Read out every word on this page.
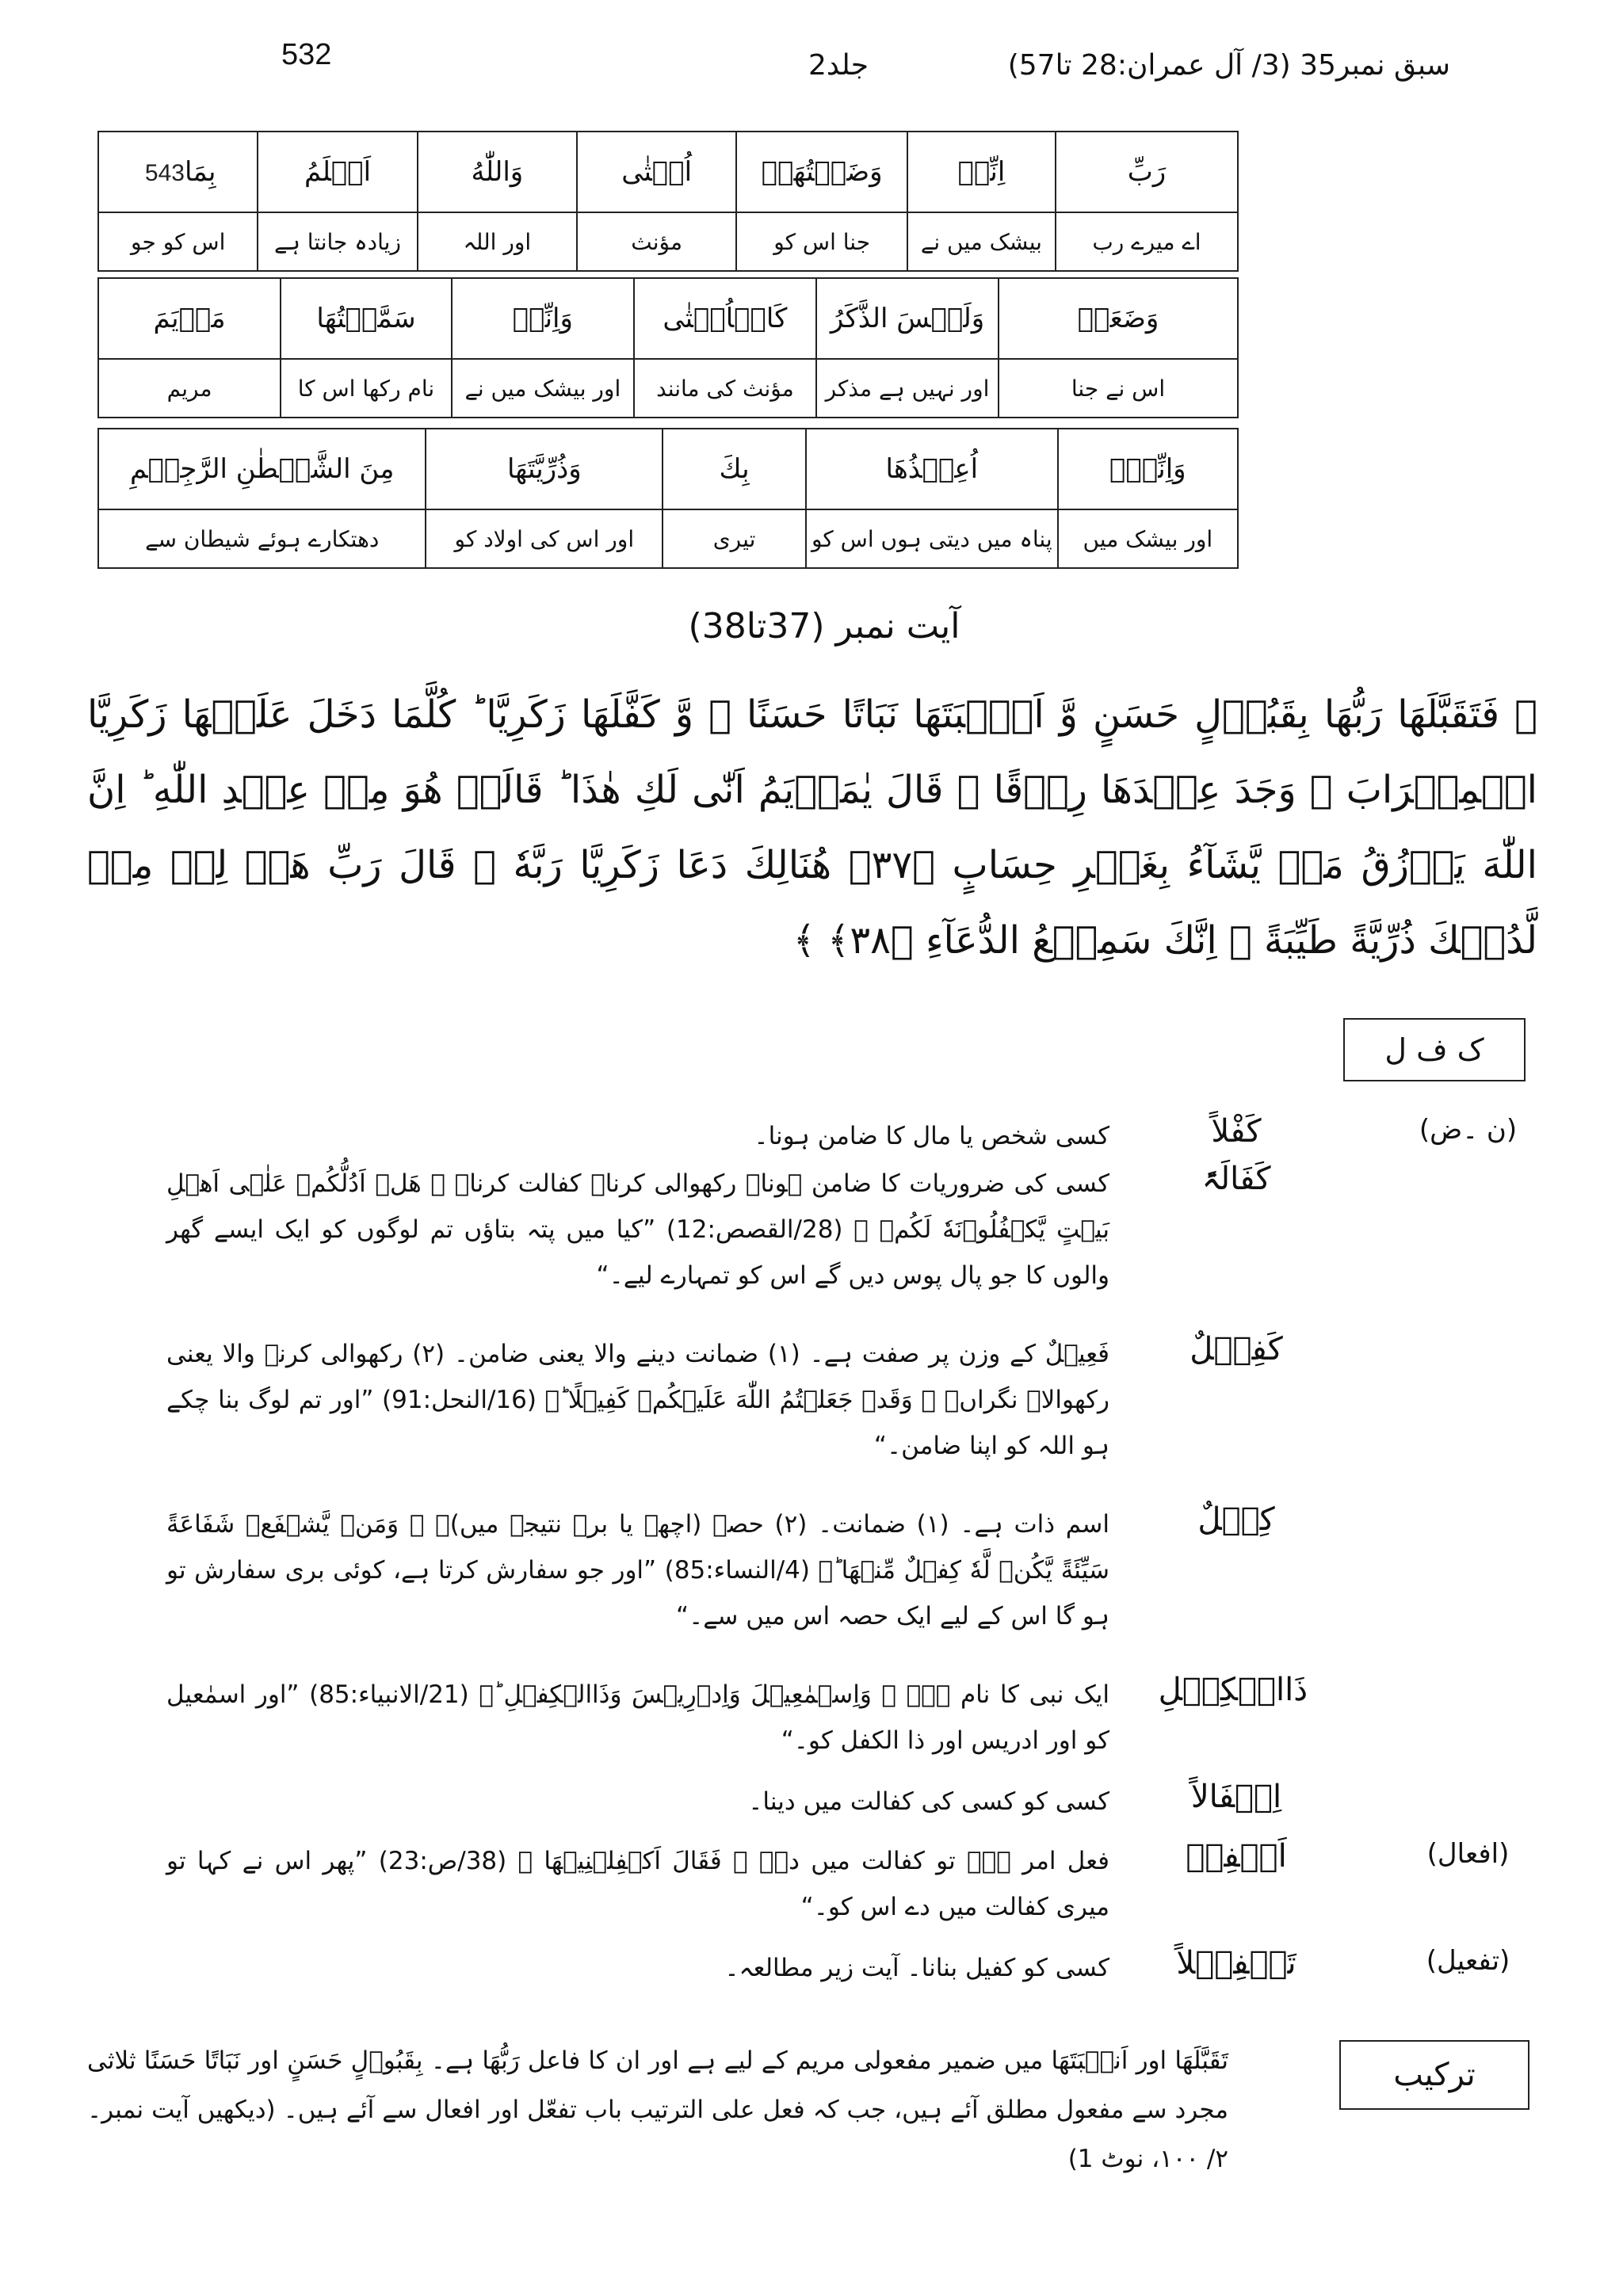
532	جلد2	سبق نمبر35 (3/ آل عمران:28 تا57)
رَبِّ	اِنِّیۡ	وَضَعۡتُهَاۤ	اُنۡثٰی	وَاللّٰهُ	اَعۡلَمُ	بِمَا543
اے میرے رب	بیشک میں نے	جنا اس کو	مؤنث	اور اللہ	زیادہ جانتا ہے	اس کو جو
وَضَعَتۡ	وَلَیۡسَ الذَّکَرُ	کَالۡاُنۡثٰی	وَاِنِّیۡ	سَمَّیۡتُهَا	مَرۡیَمَ
اس نے جنا	اور نہیں ہے مذکر	مؤنث کی مانند	اور بیشک میں نے	نام رکھا اس کا	مریم
وَاِنِّیۡۤ	اُعِیۡذُهَا	بِكَ	وَذُرِّیَّتَهَا	مِنَ الشَّیۡطٰنِ الرَّجِیۡمِ
اور بیشک میں	پناہ میں دیتی ہوں اس کو	تیری	اور اس کی اولاد کو	دھتکارے ہوئے شیطان سے
آیت نمبر (37تا38)
﴿ فَتَقَبَّلَهَا رَبُّهَا بِقَبُوۡلٍ حَسَنٍ وَّ اَنۡۢبَتَهَا نَبَاتًا حَسَنًا ۙ وَّ کَفَّلَهَا زَکَرِیَّا ؕ کُلَّمَا دَخَلَ عَلَیۡهَا زَکَرِیَّا الۡمِحۡرَابَ ۙ وَجَدَ عِنۡدَهَا رِزۡقًا ۚ قَالَ یٰمَرۡیَمُ اَنّٰی لَكِ هٰذَا ؕ قَالَتۡ هُوَ مِنۡ عِنۡدِ اللّٰهِ ؕ اِنَّ اللّٰهَ یَرۡزُقُ مَنۡ یَّشَآءُ بِغَیۡرِ حِسَابٍ ﴿۳۷﴾ هُنَالِكَ دَعَا زَکَرِیَّا رَبَّهٗ ۚ قَالَ رَبِّ هَبۡ لِیۡ مِنۡ لَّدُنۡكَ ذُرِّیَّةً طَیِّبَةً ۚ اِنَّكَ سَمِیۡعُ الدُّعَآءِ ﴿۳۸﴾ ﴾
ک ف ل
(ن ۔ض)
کَفْلاً
کسی شخص یا مال کا ضامن ہونا۔
کَفَالَۃً
کسی کی ضروریات کا ضامن ہونا۔ رکھوالی کرنا۔ کفالت کرنا۔ ﴿ هَلۡ اَدُلُّکُمۡ عَلٰۤی اَهۡلِ بَیۡتٍ یَّکۡفُلُوۡنَهٗ لَکُمۡ ﴾ (28/القصص:12) ”کیا میں پتہ بتاؤں تم لوگوں کو ایک ایسے گھر والوں کا جو پال پوس دیں گے اس کو تمہارے لیے۔“
کَفِیۡلٌ
فَعِیۡلٌ کے وزن پر صفت ہے۔ (۱) ضمانت دینے والا یعنی ضامن۔ (۲) رکھوالی کرنے والا یعنی رکھوالا۔ نگراں۔ ﴿ وَقَدۡ جَعَلۡتُمُ اللّٰهَ عَلَیۡکُمۡ کَفِیۡلًا ؕ﴾ (16/النحل:91) ”اور تم لوگ بنا چکے ہو اللہ کو اپنا ضامن۔“
کِفۡلٌ
اسم ذات ہے۔ (۱) ضمانت۔ (۲) حصہ (اچھے یا برے نتیجے میں)۔ ﴿ وَمَنۡ یَّشۡفَعۡ شَفَاعَةً سَیِّئَةً یَّکُنۡ لَّهٗ کِفۡلٌ مِّنۡهَا ؕ﴾ (4/النساء:85) ”اور جو سفارش کرتا ہے، کوئی بری سفارش تو ہو گا اس کے لیے ایک حصہ اس میں سے۔“
ذَاالۡکِفۡلِ
ایک نبی کا نام ہے۔ ﴿ وَاِسۡمٰعِیۡلَ وَاِدۡرِیۡسَ وَذَاالۡکِفۡلِ ؕ﴾ (21/الانبیاء:85) ”اور اسمٰعیل کو اور ادریس اور ذا الکفل کو۔“
اِکۡفَالاً
کسی کو کسی کی کفالت میں دینا۔
(افعال)
اَکۡفِلۡ
فعل امر ہے۔ تو کفالت میں دے۔ ﴿ فَقَالَ اَکۡفِلۡنِیۡهَا ﴾ (38/ص:23) ”پھر اس نے کہا تو میری کفالت میں دے اس کو۔“
(تفعیل)
تَکۡفِیۡلاً
کسی کو کفیل بنانا۔ آیت زیر مطالعہ۔
ترکیب
تَقَبَّلَهَا اور اَنۡۢبَتَهَا میں ضمیر مفعولی مریم کے لیے ہے اور ان کا فاعل رَبُّهَا ہے۔ بِقَبُوۡلٍ حَسَنٍ اور نَبَاتًا حَسَنًا ثلاثی مجرد سے مفعول مطلق آئے ہیں، جب کہ فعل علی الترتیب باب تفعّل اور افعال سے آئے ہیں۔ (دیکھیں آیت نمبر۔ ۲/ ۱۰۰، نوٹ 1)
